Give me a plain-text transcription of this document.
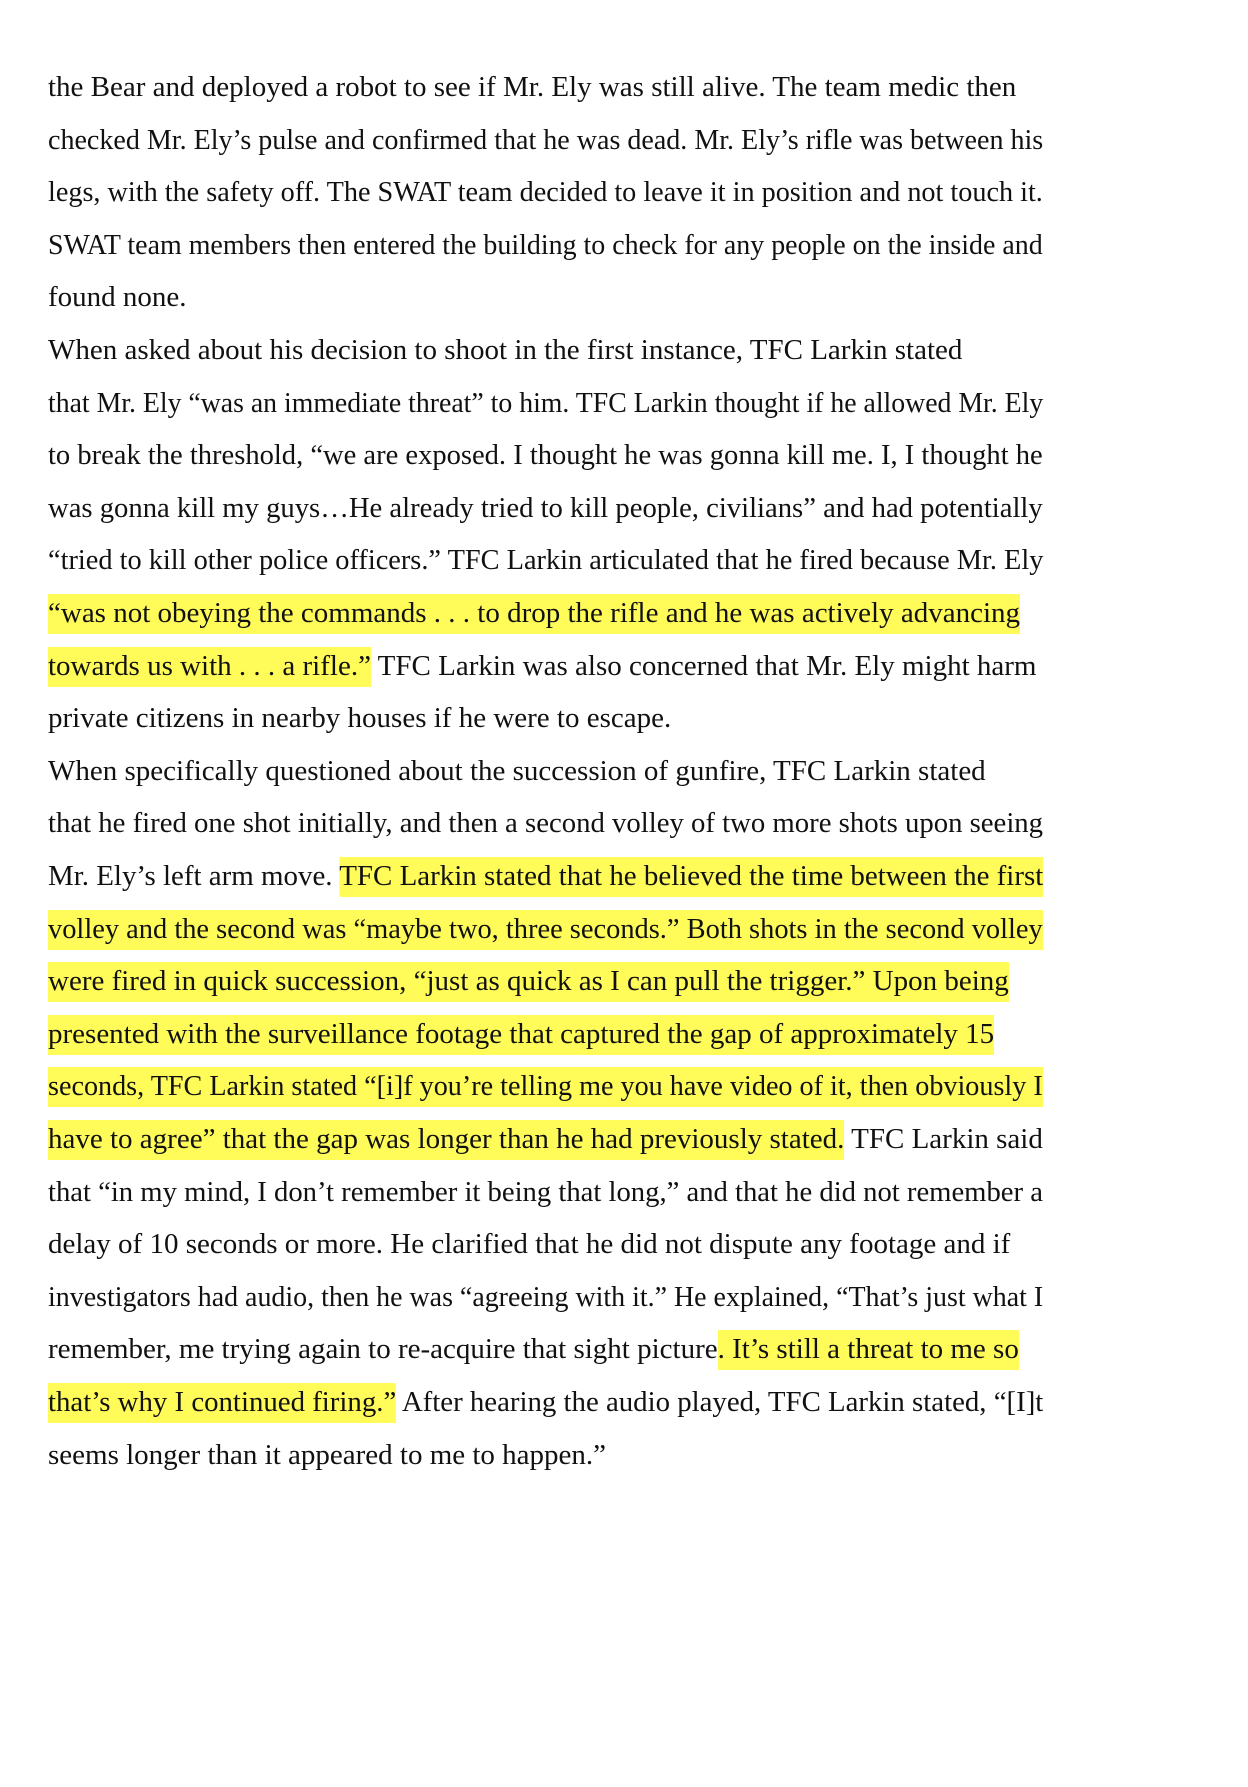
the Bear and deployed a robot to see if Mr. Ely was still alive. The team medic then
checked Mr. Ely’s pulse and confirmed that he was dead. Mr. Ely’s rifle was between his
legs, with the safety off. The SWAT team decided to leave it in position and not touch it.
SWAT team members then entered the building to check for any people on the inside and
found none.
When asked about his decision to shoot in the first instance, TFC Larkin stated
that Mr. Ely “was an immediate threat” to him. TFC Larkin thought if he allowed Mr. Ely
to break the threshold, “we are exposed. I thought he was gonna kill me. I, I thought he
was gonna kill my guys…He already tried to kill people, civilians” and had potentially
“tried to kill other police officers.” TFC Larkin articulated that he fired because Mr. Ely
“was not obeying the commands . . . to drop the rifle and he was actively advancing
towards us with . . . a rifle.” TFC Larkin was also concerned that Mr. Ely might harm
private citizens in nearby houses if he were to escape.
When specifically questioned about the succession of gunfire, TFC Larkin stated
that he fired one shot initially, and then a second volley of two more shots upon seeing
Mr. Ely’s left arm move. TFC Larkin stated that he believed the time between the first
volley and the second was “maybe two, three seconds.” Both shots in the second volley
were fired in quick succession, “just as quick as I can pull the trigger.” Upon being
presented with the surveillance footage that captured the gap of approximately 15
seconds, TFC Larkin stated “[i]f you’re telling me you have video of it, then obviously I
have to agree” that the gap was longer than he had previously stated. TFC Larkin said
that “in my mind, I don’t remember it being that long,” and that he did not remember a
delay of 10 seconds or more. He clarified that he did not dispute any footage and if
investigators had audio, then he was “agreeing with it.” He explained, “That’s just what I
remember, me trying again to re-acquire that sight picture. It’s still a threat to me so
that’s why I continued firing.” After hearing the audio played, TFC Larkin stated, “[I]t
seems longer than it appeared to me to happen.”
